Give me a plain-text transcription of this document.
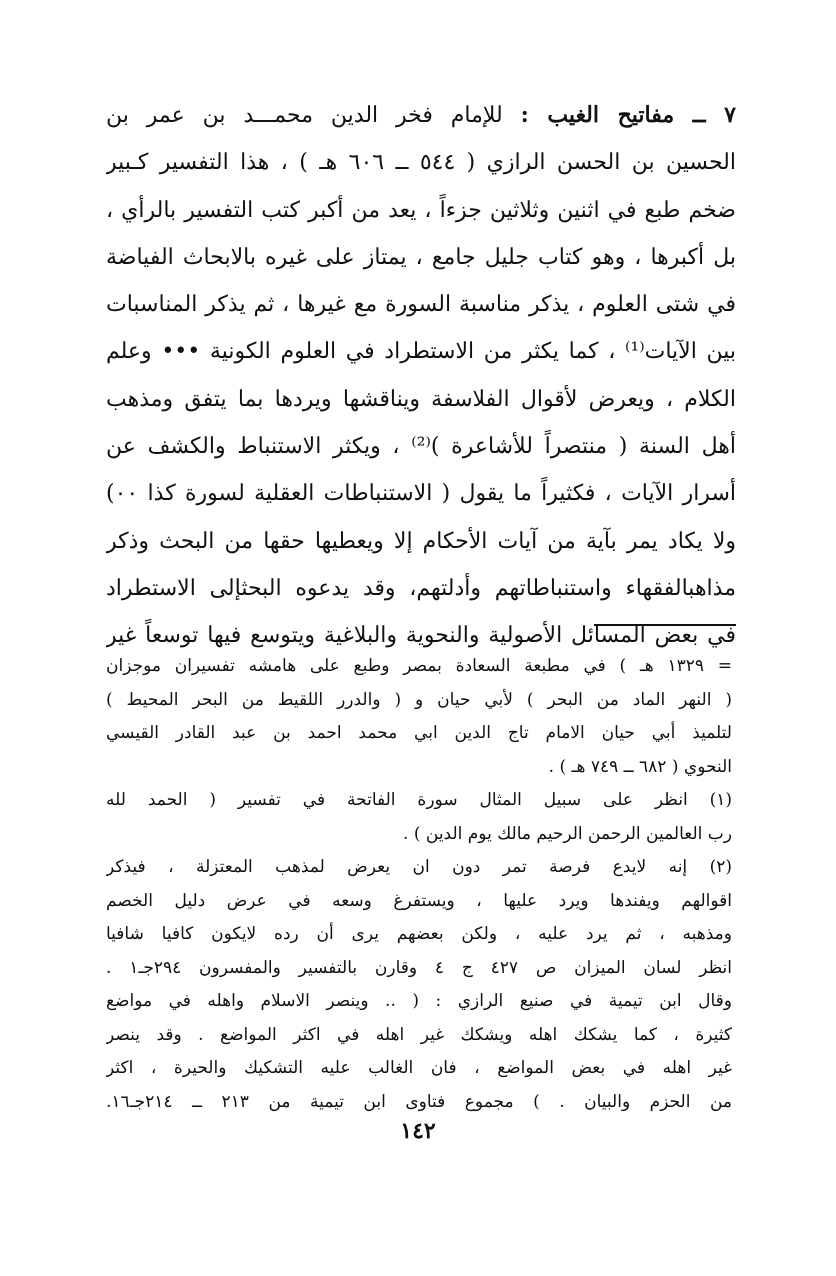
٧ ــ مفاتيح الغيب : للإمام فخر الدين محمـــد بن عمر بن
الحسين بن الحسن الرازي ( ٥٤٤ ــ ٦٠٦ هـ ) ، هذا التفسير كـبير
ضخم طبع في اثنين وثلاثين جزءاً ، يعد من أكبر كتب التفسير بالرأي ،
بل أكبرها ، وهو كتاب جليل جامع ، يمتاز على غيره بالابحاث الفياضة
في شتى العلوم ، يذكر مناسبة السورة مع غيرها ، ثم يذكر المناسبات
بين الآيات⁽¹⁾ ، كما يكثر من الاستطراد في العلوم الكونية ••• وعلم
الكلام ، ويعرض لأقوال الفلاسفة ويناقشها ويردها بما يتفق ومذهب
أهل السنة ( منتصراً للأشاعرة )⁽²⁾ ، ويكثر الاستنباط والكشف عن
أسرار الآيات ، فكثيراً ما يقول ( الاستنباطات العقلية لسورة كذا ٠٠)
ولا يكاد يمر بآية من آيات الأحكام إلا ويعطيها حقها من البحث وذكر
مذاهبالفقهاء واستنباطاتهم وأدلتهم، وقد يدعوه البحثإلى الاستطراد
في بعض المسائل الأصولية والنحوية والبلاغية ويتوسع فيها توسعاً غير
= ١٣٢٩ هـ ) في مطبعة السعادة بمصر وطبع على هامشه تفسيران موجزان
( النهر الماد من البحر ) لأبي حيان و ( والدرر اللقيط من البحر المحيط )
لتلميذ أبي حيان الامام تاج الدين ابي محمد احمد بن عبد القادر القيسي
النحوي ( ٦٨٢ ــ ٧٤٩ هـ ) .
(١) انظر على سبيل المثال سورة الفاتحة في تفسير ( الحمد لله
رب العالمين الرحمن الرحيم مالك يوم الدين ) .
(٢) إنه لايدع فرصة تمر دون ان يعرض لمذهب المعتزلة ، فيذكر
اقوالهم ويفندها ويرد عليها ، ويستفرغ وسعه في عرض دليل الخصم
ومذهبه ، ثم يرد عليه ، ولكن بعضهم يرى أن رده لايكون كافيا شافيا
انظر لسان الميزان ص ٤٢٧ ج ٤ وقارن بالتفسير والمفسرون ٢٩٤جـ١ .
وقال ابن تيمية في صنيع الرازي : ( .. وينصر الاسلام واهله في مواضع
كثيرة ، كما يشكك اهله ويشكك غير اهله في اكثر المواضع . وقد ينصر
غير اهله في بعض المواضع ، فان الغالب عليه التشكيك والحيرة ، اكثر
من الحزم والبيان . ) مجموع فتاوى ابن تيمية من ٢١٣ ــ ٢١٤جـ١٦.
١٤٢
